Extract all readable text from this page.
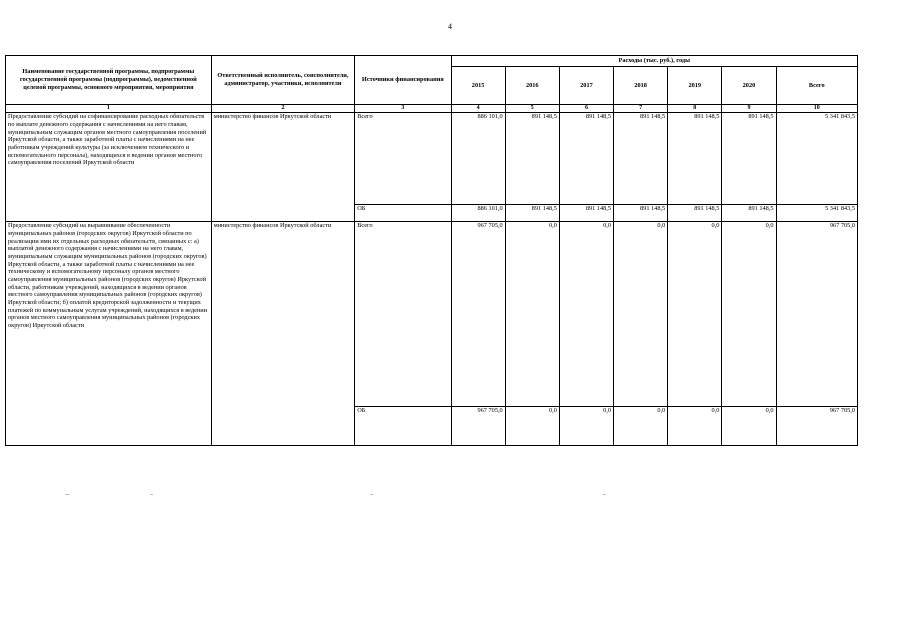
4
Наименование государственной программы, подпрограммы государственной программы (подпрограммы), ведомственной целевой программы, основного мероприятия, мероприятия	Ответственный исполнитель, соисполнители, администратор, участники, исполнители	Источники финансирования	Расходы (тыс. руб.), годы						
			2015	2016	2017	2018	2019	2020	Всего
1	2	3	4	5	6	7	8	9	10
Предоставление субсидий на софинансирование расходных обязательств по выплате денежного содержания с начислениями на него главам, муниципальным служащим органов местного самоуправления поселений Иркутской области, а также заработной платы с начислениями на нее работникам учреждений культуры (за исключением технического и вспомогательного персонала), находящихся в ведении органов местного самоуправления поселений Иркутской области	министерство финансов Иркутской области	Всего	886 101,0	891 148,5	891 148,5	891 148,5	891 148,5	891 148,5	5 341 843,5
		ОБ	886 101,0	891 148,5	891 148,5	891 148,5	891 148,5	891 148,5	5 341 843,5
Предоставление субсидий на выравнивание обеспеченности муниципальных районов (городских округов) Иркутской области по реализации ими их отдельных расходных обязательств, связанных с: а) выплатой денежного содержания с начислениями на него главам, муниципальным служащим муниципальных районов (городских округов) Иркутской области, а также заработной платы с начислениями на нее техническому и вспомогательному персоналу органов местного самоуправления муниципальных районов (городских округов) Иркутской области, работникам учреждений, находящихся в ведении органов местного самоуправления муниципальных районов (городских округов) Иркутской области; б) оплатой кредиторской задолженности и текущих платежей по коммунальным услугам учреждений, находящихся в ведении органов местного самоуправления муниципальных районов (городских округов) Иркутской области	министерство финансов Иркутской области	Всего	967 705,0	0,0	0,0	0,0	0,0	0,0	967 705,0
		ОБ	967 705,0	0,0	0,0	0,0	0,0	0,0	967 705,0
